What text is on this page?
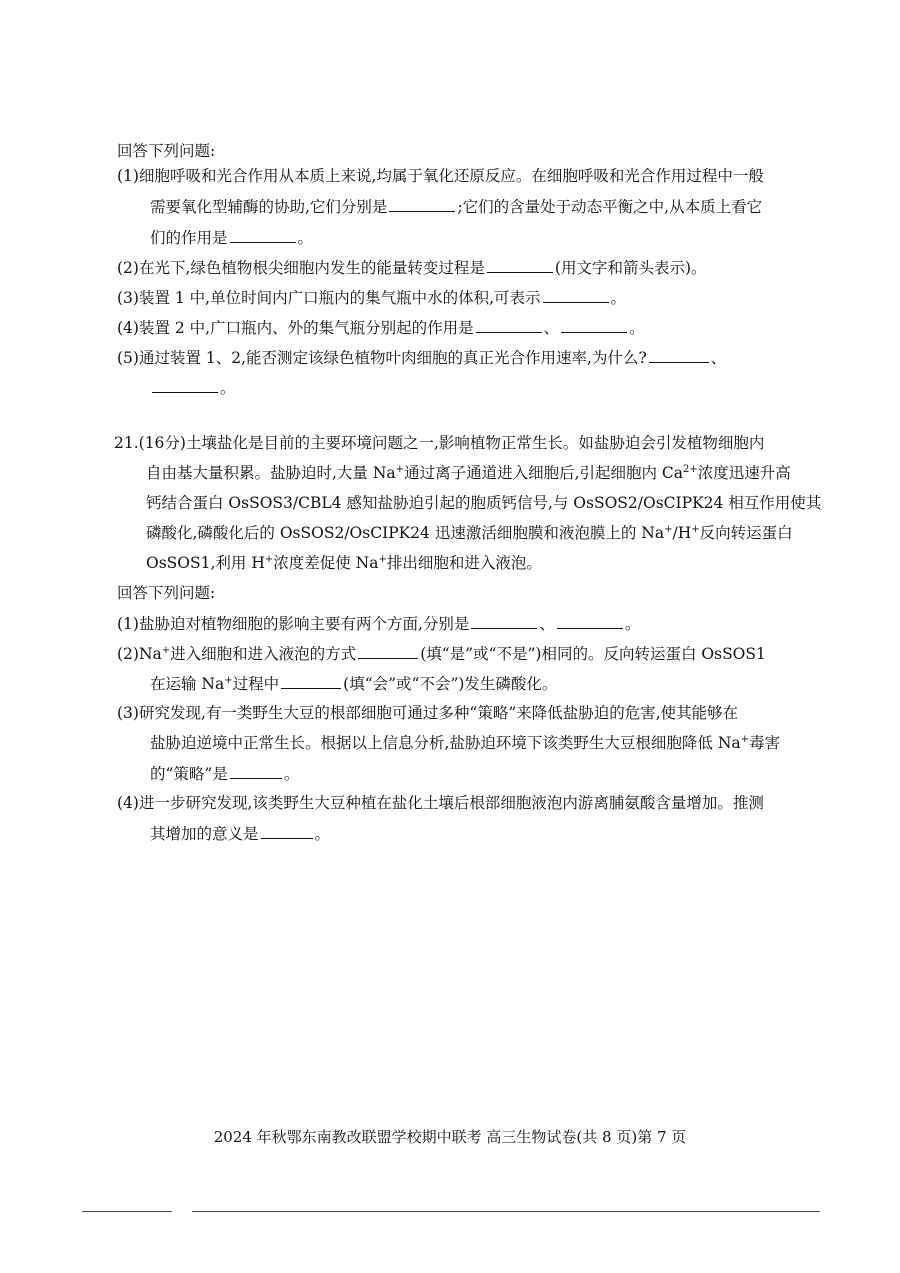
回答下列问题:
(1)细胞呼吸和光合作用从本质上来说,均属于氧化还原反应。在细胞呼吸和光合作用过程中一般
需要氧化型辅酶的协助,它们分别是	;它们的含量处于动态平衡之中,从本质上看它
们的作用是	。
(2)在光下,绿色植物根尖细胞内发生的能量转变过程是	(用文字和箭头表示)。
(3)装置 1 中,单位时间内广口瓶内的集气瓶中水的体积,可表示	。
(4)装置 2 中,广口瓶内、外的集气瓶分别起的作用是	、	。
(5)通过装置 1、2,能否测定该绿色植物叶肉细胞的真正光合作用速率,为什么?	、
。
21.(16分)土壤盐化是目前的主要环境问题之一,影响植物正常生长。如盐胁迫会引发植物细胞内
自由基大量积累。盐胁迫时,大量 Na+通过离子通道进入细胞后,引起细胞内 $Ca^{2+}$浓度迅速升高
钙结合蛋白 OsSOS3/CBL4 感知盐胁迫引起的胞质钙信号,与 OsSOS2/OsCIPK24 相互作用使其
磷酸化,磷酸化后的 OsSOS2/OsCIPK24 迅速激活细胞膜和液泡膜上的 Na+/H+反向转运蛋白
OsSOS1,利用 H+浓度差促使 Na+排出细胞和进入液泡。
回答下列问题:
(1)盐胁迫对植物细胞的影响主要有两个方面,分别是	、	。
(2)Na+进入细胞和进入液泡的方式	(填“是”或“不是”)相同的。反向转运蛋白 OsSOS1
在运输 Na+过程中	(填“会”或“不会”)发生磷酸化。
(3)研究发现,有一类野生大豆的根部细胞可通过多种“策略”来降低盐胁迫的危害,使其能够在
盐胁迫逆境中正常生长。根据以上信息分析,盐胁迫环境下该类野生大豆根细胞降低 Na+毒害
的“策略”是	。
(4)进一步研究发现,该类野生大豆种植在盐化土壤后根部细胞液泡内游离脯氨酸含量增加。推测
其增加的意义是	。
2024 年秋鄂东南教改联盟学校期中联考 高三生物试卷(共 8 页)第 7 页
